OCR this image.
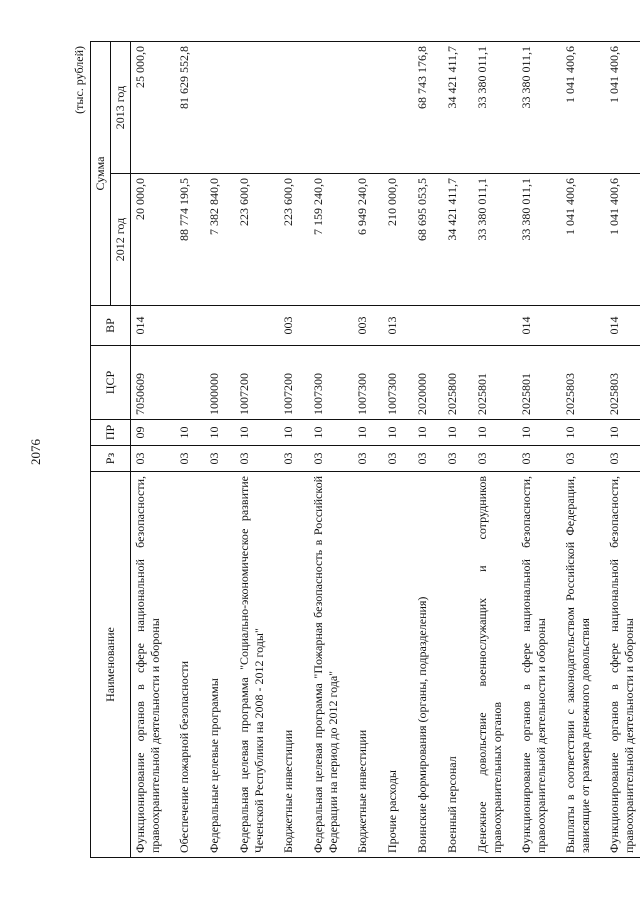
2076
(тыс. рублей)
Наименование	Рз	ПР	ЦСР	ВР	Сумма	
					2012 год	2013 год
Функционирование органов в сфере национальной безопасности, правоохранительной деятельности и обороны	03	09	7050609	014	20 000,0	25 000,0
Обеспечение пожарной безопасности	03	10			88 774 190,5	81 629 552,8
Федеральные целевые программы	03	10	1000000		7 382 840,0	
Федеральная целевая программа "Социально-экономическое развитие Чеченской Республики на 2008 - 2012 годы"	03	10	1007200		223 600,0	
Бюджетные инвестиции	03	10	1007200	003	223 600,0	
Федеральная целевая программа "Пожарная безопасность в Российской Федерации на период до 2012 года"	03	10	1007300		7 159 240,0	
Бюджетные инвестиции	03	10	1007300	003	6 949 240,0	
Прочие расходы	03	10	1007300	013	210 000,0	
Воинские формирования (органы, подразделения)	03	10	2020000		68 695 053,5	68 743 176,8
Военный персонал	03	10	2025800		34 421 411,7	34 421 411,7
Денежное довольствие военнослужащих и сотрудников правоохранительных органов	03	10	2025801		33 380 011,1	33 380 011,1
Функционирование органов в сфере национальной безопасности, правоохранительной деятельности и обороны	03	10	2025801	014	33 380 011,1	33 380 011,1
Выплаты в соответствии с законодательством Российской Федерации, зависящие от размера денежного довольствия	03	10	2025803		1 041 400,6	1 041 400,6
Функционирование органов в сфере национальной безопасности, правоохранительной деятельности и обороны	03	10	2025803	014	1 041 400,6	1 041 400,6
